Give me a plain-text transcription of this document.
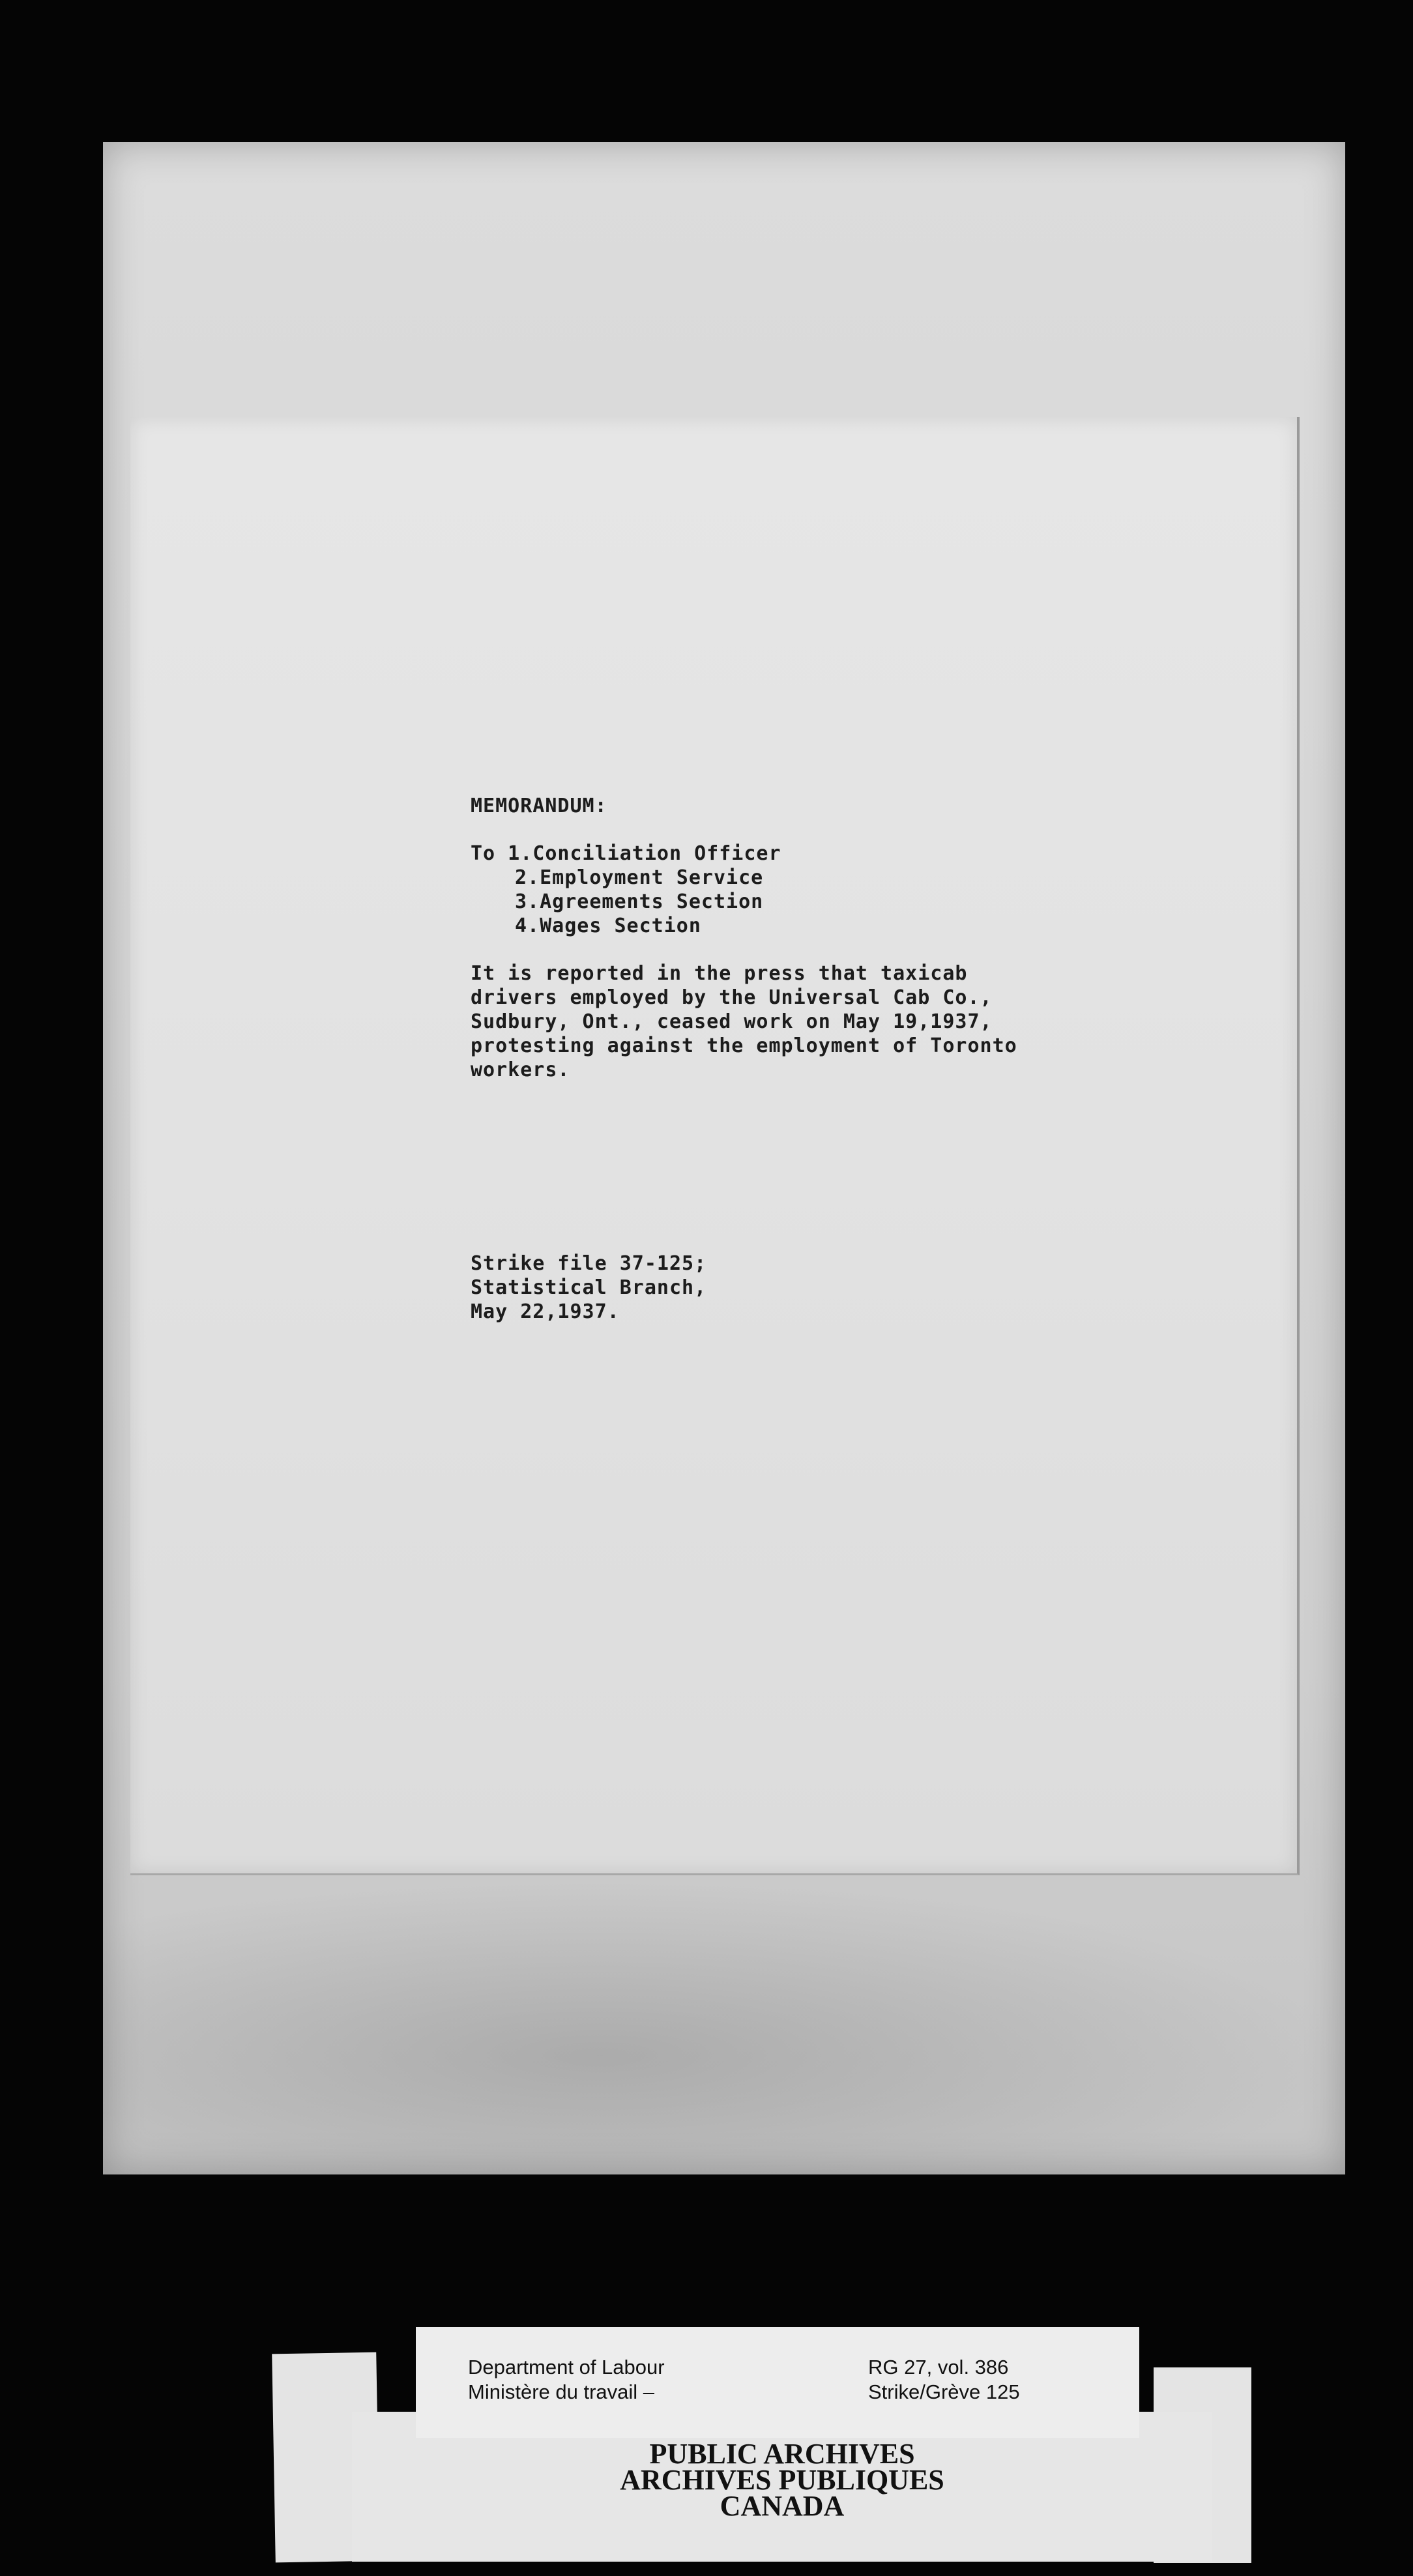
MEMORANDUM:
To 1.Conciliation Officer
2.Employment Service
3.Agreements Section
4.Wages Section
It is reported in the press that taxicab
drivers employed by the Universal Cab Co.,
Sudbury, Ont., ceased work on May 19,1937,
protesting against the employment of Toronto
workers.
Strike file 37-125;
Statistical Branch,
May 22,1937.
Department of Labour
Ministère du travail –
RG 27, vol. 386
Strike/Grève 125
PUBLIC ARCHIVES
ARCHIVES PUBLIQUES
CANADA
